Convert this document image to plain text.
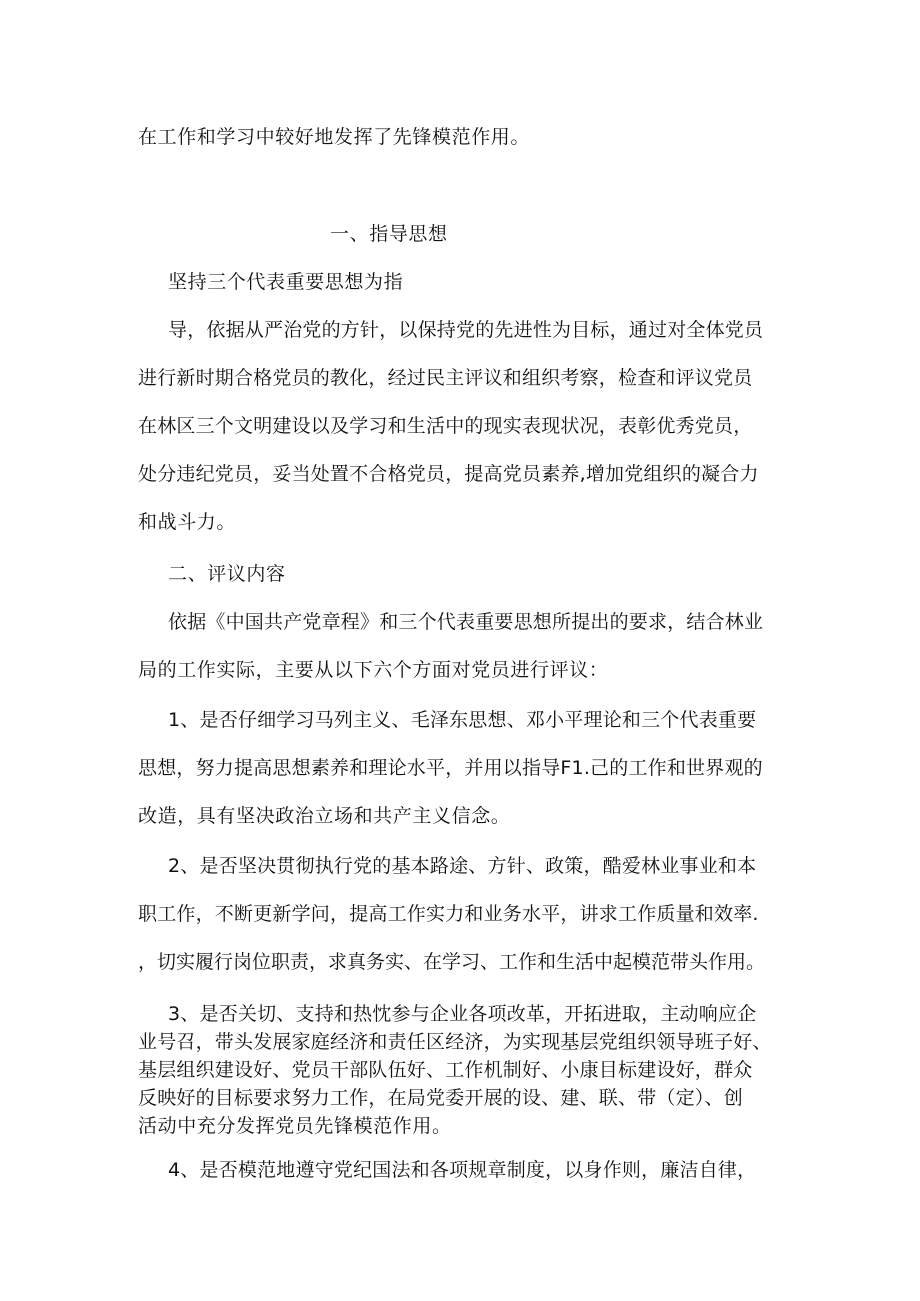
在工作和学习中较好地发挥了先锋模范作用。
一、指导思想
坚持三个代表重要思想为指
导，依据从严治党的方针，以保持党的先进性为目标，通过对全体党员
进行新时期合格党员的教化，经过民主评议和组织考察，检查和评议党员
在林区三个文明建设以及学习和生活中的现实表现状况，表彰优秀党员，
处分违纪党员，妥当处置不合格党员，提高党员素养,增加党组织的凝合力
和战斗力。
二、评议内容
依据《中国共产党章程》和三个代表重要思想所提出的要求，结合林业
局的工作实际，主要从以下六个方面对党员进行评议：
1、是否仔细学习马列主义、毛泽东思想、邓小平理论和三个代表重要
思想，努力提高思想素养和理论水平，并用以指导F1.己的工作和世界观的
改造，具有坚决政治立场和共产主义信念。
2、是否坚决贯彻执行党的基本路途、方针、政策，酷爱林业事业和本
职工作，不断更新学问，提高工作实力和业务水平，讲求工作质量和效率.
，切实履行岗位职责，求真务实、在学习、工作和生活中起模范带头作用。
3、是否关切、支持和热忱参与企业各项改革，开拓进取，主动响应企
业号召，带头发展家庭经济和责任区经济，为实现基层党组织领导班子好、
基层组织建设好、党员干部队伍好、工作机制好、小康目标建设好，群众
反映好的目标要求努力工作，在局党委开展的设、建、联、带（定）、创
活动中充分发挥党员先锋模范作用。
4、是否模范地遵守党纪国法和各项规章制度，以身作则，廉洁自律，
